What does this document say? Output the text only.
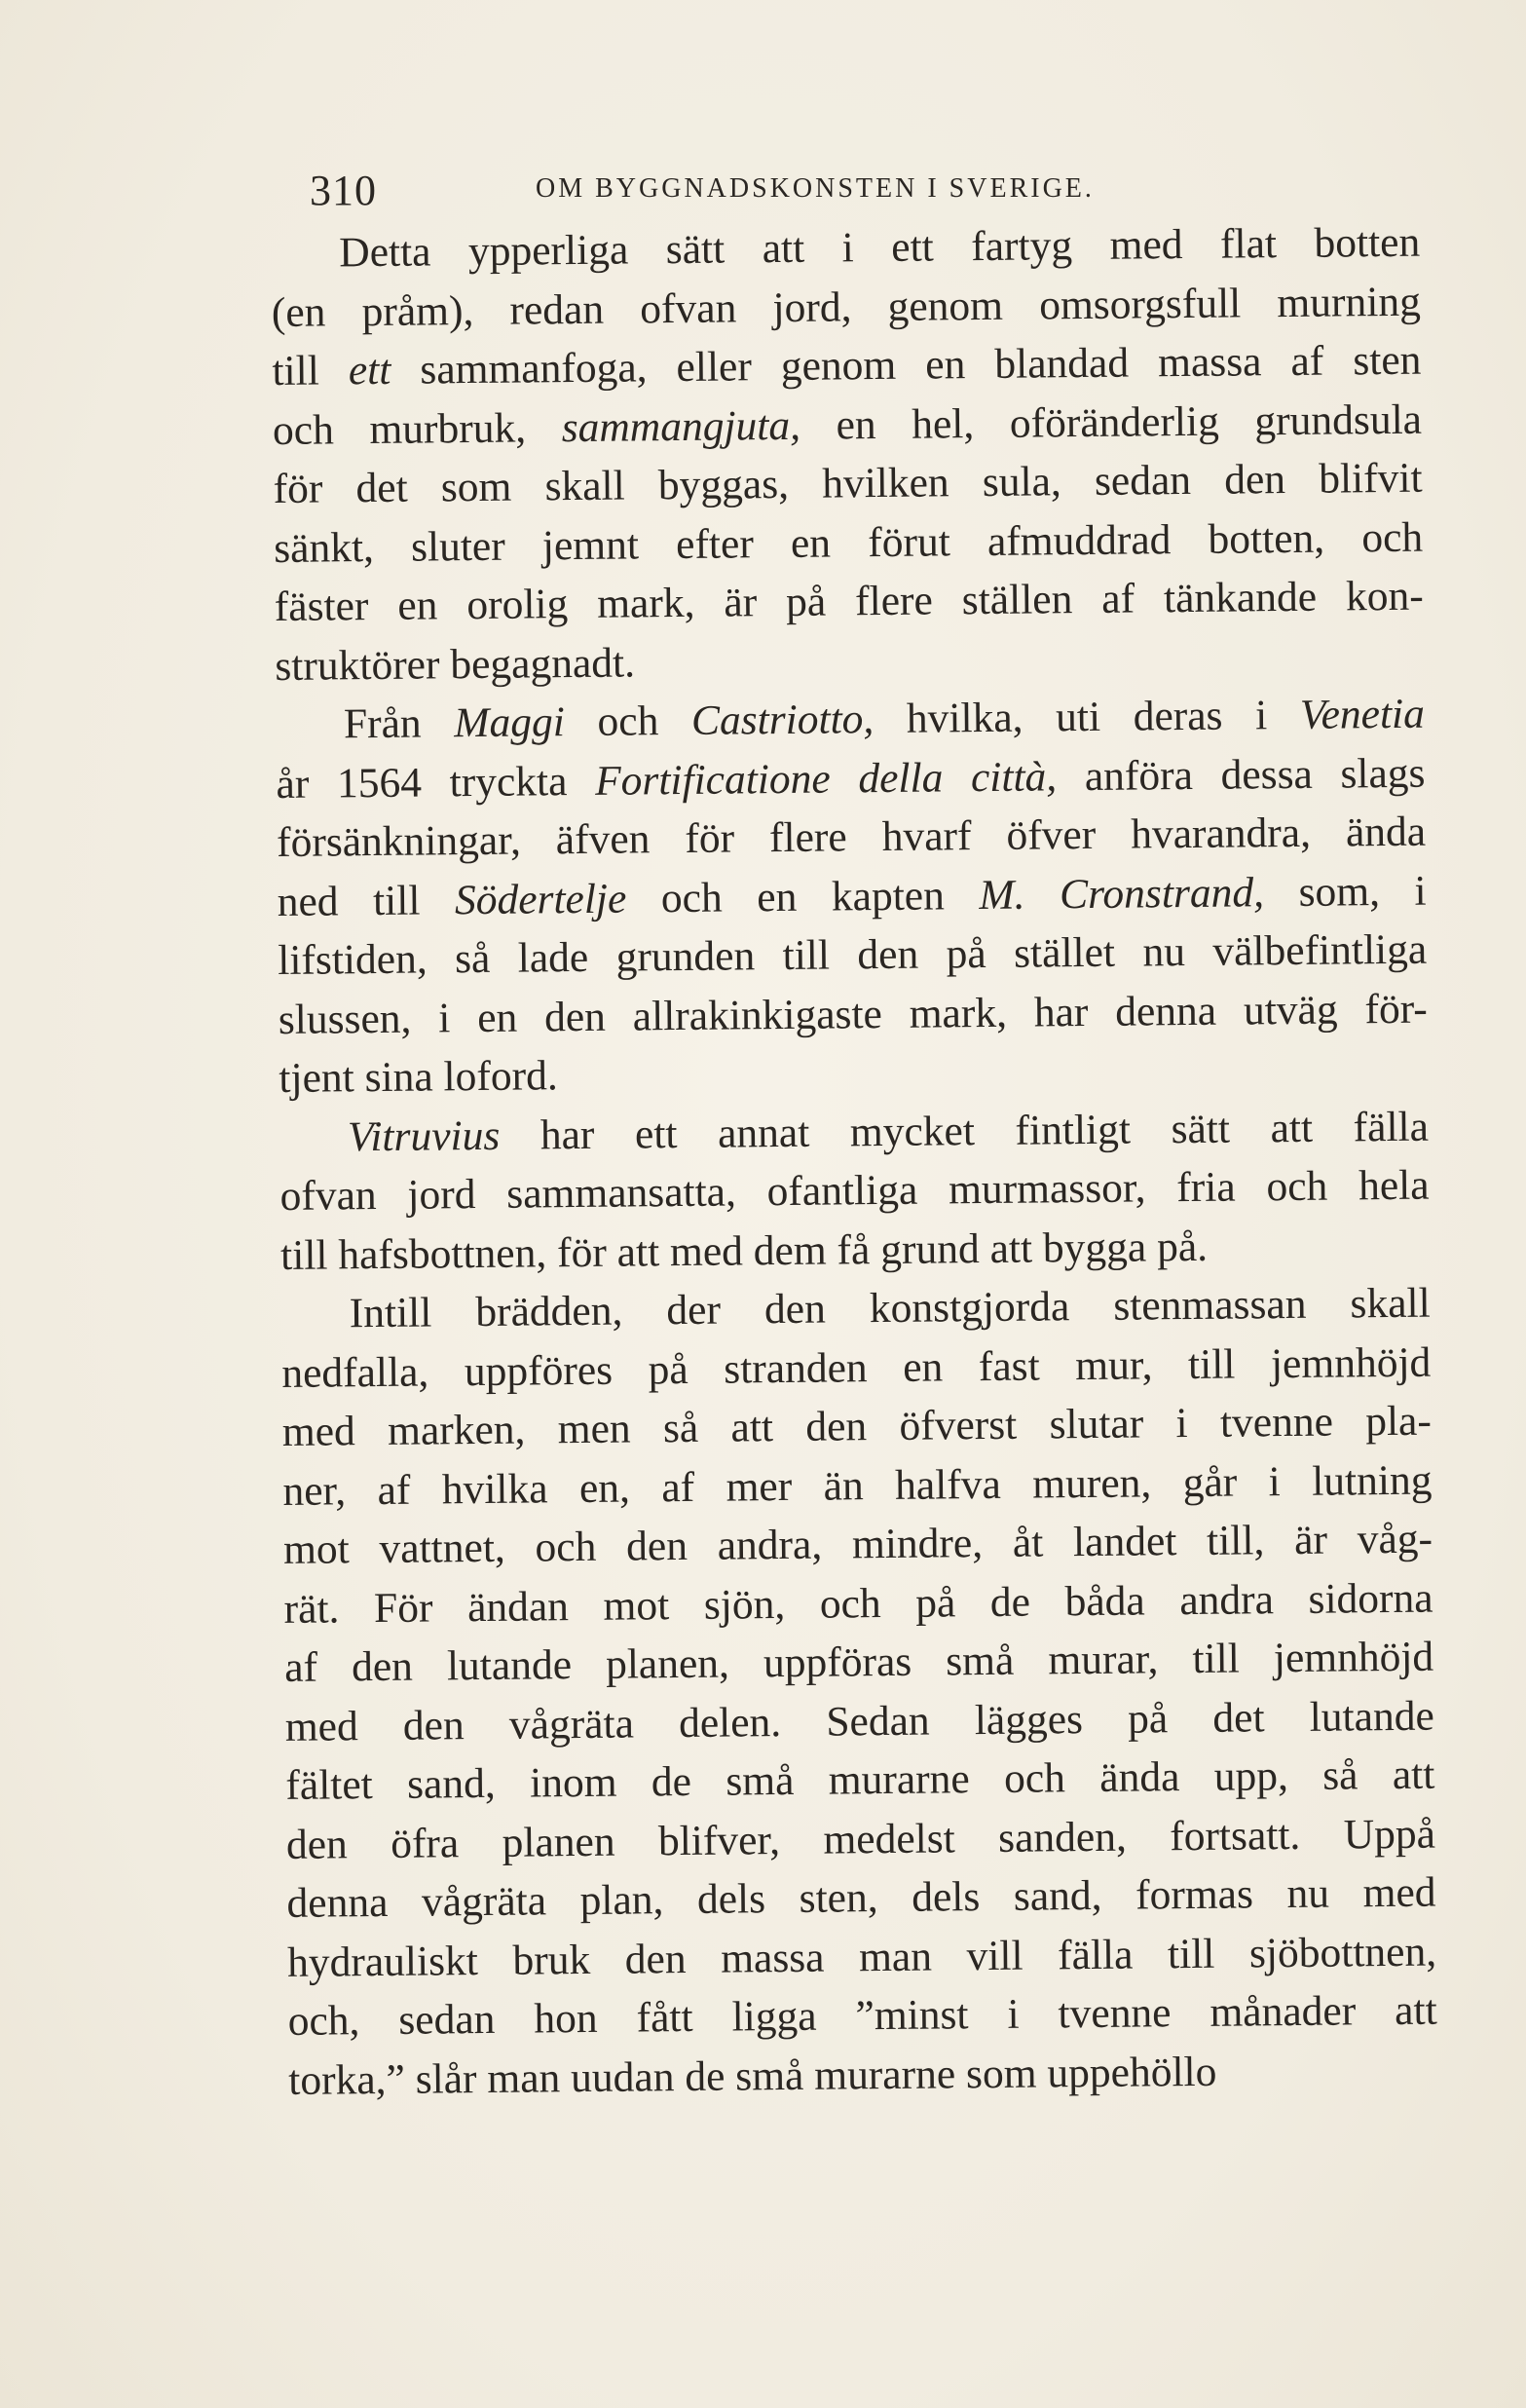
310	OM BYGGNADSKONSTEN I SVERIGE.
Detta ypperliga sätt att i ett fartyg med flat botten
(en pråm), redan ofvan jord, genom omsorgsfull murning
till ett sammanfoga, eller genom en blandad massa af sten
och murbruk, sammangjuta, en hel, oföränderlig grundsula
för det som skall byggas, hvilken sula, sedan den blifvit
sänkt, sluter jemnt efter en förut afmuddrad botten, och
fäster en orolig mark, är på flere ställen af tänkande kon-
struktörer begagnadt.
Från Maggi och Castriotto, hvilka, uti deras i Venetia
år 1564 tryckta Fortificatione della città, anföra dessa slags
försänkningar, äfven för flere hvarf öfver hvarandra, ända
ned till Södertelje och en kapten M. Cronstrand, som, i
lifstiden, så lade grunden till den på stället nu välbefintliga
slussen, i en den allrakinkigaste mark, har denna utväg för-
tjent sina loford.
Vitruvius har ett annat mycket fintligt sätt att fälla
ofvan jord sammansatta, ofantliga murmassor, fria och hela
till hafsbottnen, för att med dem få grund att bygga på.
Intill brädden, der den konstgjorda stenmassan skall
nedfalla, uppföres på stranden en fast mur, till jemnhöjd
med marken, men så att den öfverst slutar i tvenne pla-
ner, af hvilka en, af mer än halfva muren, går i lutning
mot vattnet, och den andra, mindre, åt landet till, är våg-
rät. För ändan mot sjön, och på de båda andra sidorna
af den lutande planen, uppföras små murar, till jemnhöjd
med den vågräta delen. Sedan lägges på det lutande
fältet sand, inom de små murarne och ända upp, så att
den öfra planen blifver, medelst sanden, fortsatt. Uppå
denna vågräta plan, dels sten, dels sand, formas nu med
hydrauliskt bruk den massa man vill fälla till sjöbottnen,
och, sedan hon fått ligga ”minst i tvenne månader att
torka,” slår man uudan de små murarne som uppehöllo
